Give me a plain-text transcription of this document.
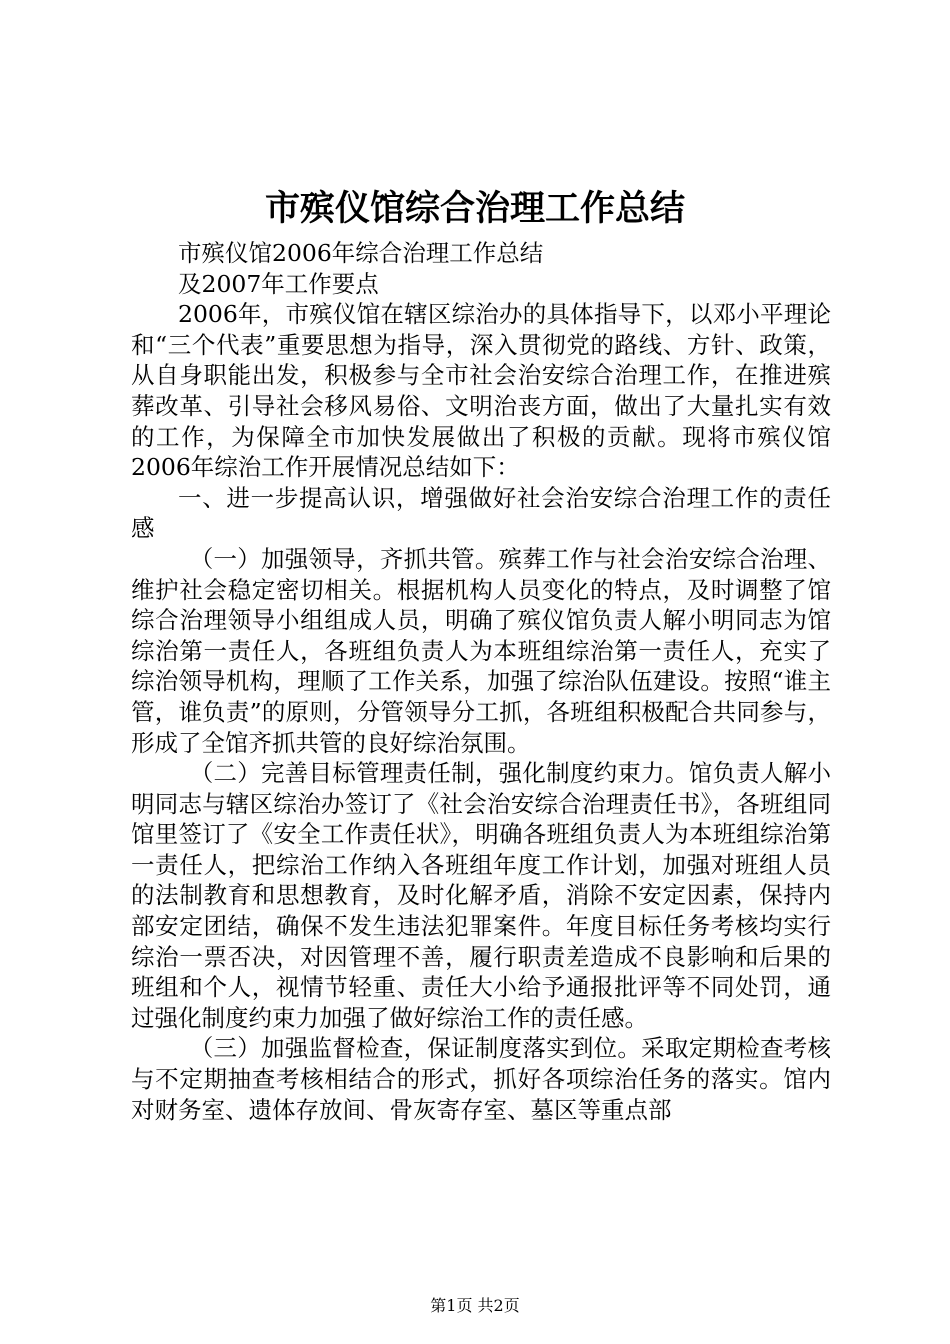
市殡仪馆综合治理工作总结

市殡仪馆2006年综合治理工作总结

及2007年工作要点

2006年，市殡仪馆在辖区综治办的具体指导下，以邓小平理论和“三个代表”重要思想为指导，深入贯彻党的路线、方针、政策，从自身职能出发，积极参与全市社会治安综合治理工作，在推进殡葬改革、引导社会移风易俗、文明治丧方面，做出了大量扎实有效的工作，为保障全市加快发展做出了积极的贡献。现将市殡仪馆2006年综治工作开展情况总结如下：

一、进一步提高认识，增强做好社会治安综合治理工作的责任感

（一）加强领导，齐抓共管。殡葬工作与社会治安综合治理、维护社会稳定密切相关。根据机构人员变化的特点，及时调整了馆综合治理领导小组组成人员，明确了殡仪馆负责人解小明同志为馆综治第一责任人，各班组负责人为本班组综治第一责任人，充实了综治领导机构，理顺了工作关系，加强了综治队伍建设。按照“谁主管，谁负责”的原则，分管领导分工抓，各班组积极配合共同参与，形成了全馆齐抓共管的良好综治氛围。

（二）完善目标管理责任制，强化制度约束力。馆负责人解小明同志与辖区综治办签订了《社会治安综合治理责任书》，各班组同馆里签订了《安全工作责任状》，明确各班组负责人为本班组综治第一责任人，把综治工作纳入各班组年度工作计划，加强对班组人员的法制教育和思想教育，及时化解矛盾，消除不安定因素，保持内部安定团结，确保不发生违法犯罪案件。年度目标任务考核均实行综治一票否决，对因管理不善，履行职责差造成不良影响和后果的班组和个人，视情节轻重、责任大小给予通报批评等不同处罚，通过强化制度约束力加强了做好综治工作的责任感。

（三）加强监督检查，保证制度落实到位。采取定期检查考核与不定期抽查考核相结合的形式，抓好各项综治任务的落实。馆内对财务室、遗体存放间、骨灰寄存室、墓区等重点部

第1页 共2页
